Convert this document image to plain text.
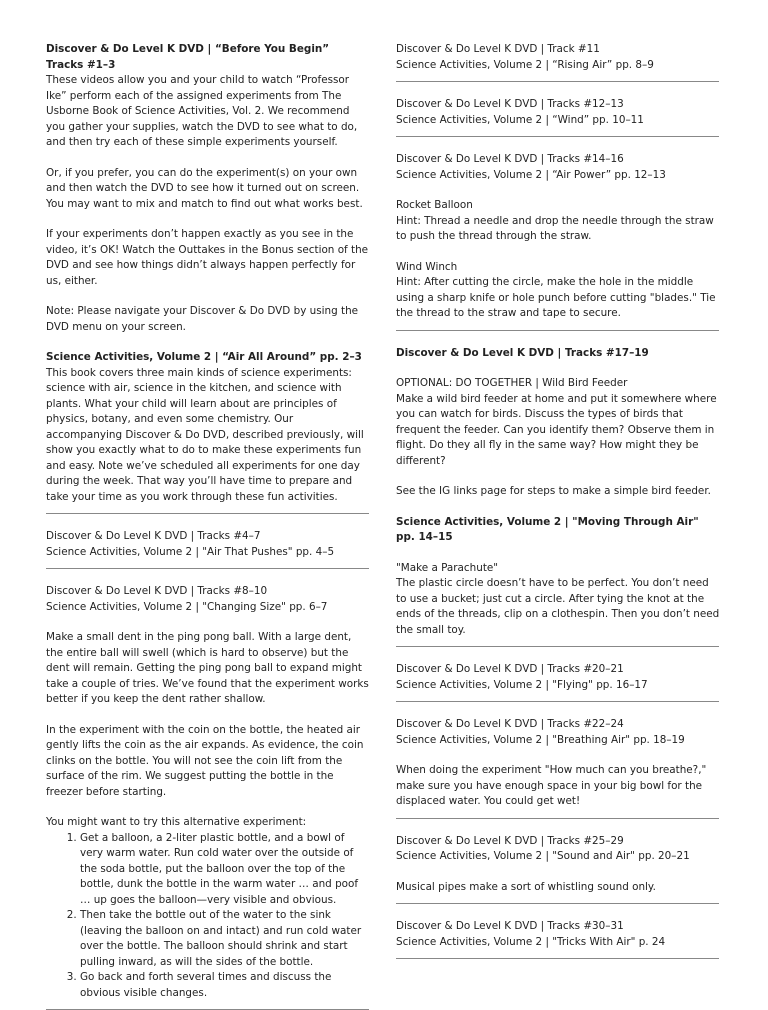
Discover & Do Level K DVD | “Before You Begin” Tracks #1–3

These videos allow you and your child to watch “Professor Ike” perform each of the assigned experiments from The Usborne Book of Science Activities, Vol. 2. We recommend you gather your supplies, watch the DVD to see what to do, and then try each of these simple experiments yourself.

Or, if you prefer, you can do the experiment(s) on your own and then watch the DVD to see how it turned out on screen. You may want to mix and match to find out what works best.

If your experiments don’t happen exactly as you see in the video, it’s OK! Watch the Outtakes in the Bonus section of the DVD and see how things didn’t always happen perfectly for us, either.

Note: Please navigate your Discover & Do DVD by using the DVD menu on your screen.

Science Activities, Volume 2 | “Air All Around” pp. 2–3

This book covers three main kinds of science experiments: science with air, science in the kitchen, and science with plants. What your child will learn about are principles of physics, botany, and even some chemistry. Our accompanying Discover & Do DVD, described previously, will show you exactly what to do to make these experiments fun and easy. Note we’ve scheduled all experiments for one day during the week. That way you’ll have time to prepare and take your time as you work through these fun activities.

Discover & Do Level K DVD | Tracks #4–7

Science Activities, Volume 2 | "Air That Pushes" pp. 4–5

Discover & Do Level K DVD | Tracks #8–10

Science Activities, Volume 2 | "Changing Size" pp. 6–7

Make a small dent in the ping pong ball. With a large dent, the entire ball will swell (which is hard to observe) but the dent will remain. Getting the ping pong ball to expand might take a couple of tries. We’ve found that the experiment works better if you keep the dent rather shallow.

In the experiment with the coin on the bottle, the heated air gently lifts the coin as the air expands. As evidence, the coin clinks on the bottle. You will not see the coin lift from the surface of the rim. We suggest putting the bottle in the freezer before starting.

You might want to try this alternative experiment:

1. Get a balloon, a 2-liter plastic bottle, and a bowl of very warm water. Run cold water over the outside of the soda bottle, put the balloon over the top of the bottle, dunk the bottle in the warm water … and poof … up goes the balloon—very visible and obvious.
2. Then take the bottle out of the water to the sink (leaving the balloon on and intact) and run cold water over the bottle. The balloon should shrink and start pulling inward, as will the sides of the bottle.
3. Go back and forth several times and discuss the obvious visible changes.

Discover & Do Level K DVD | Track #11

Science Activities, Volume 2 | “Rising Air” pp. 8–9

Discover & Do Level K DVD | Tracks #12–13

Science Activities, Volume 2 | “Wind” pp. 10–11

Discover & Do Level K DVD | Tracks #14–16

Science Activities, Volume 2 | “Air Power” pp. 12–13

Rocket Balloon

Hint: Thread a needle and drop the needle through the straw to push the thread through the straw.

Wind Winch

Hint: After cutting the circle, make the hole in the middle using a sharp knife or hole punch before cutting "blades." Tie the thread to the straw and tape to secure.

Discover & Do Level K DVD | Tracks #17–19

OPTIONAL: DO TOGETHER | Wild Bird Feeder

Make a wild bird feeder at home and put it somewhere where you can watch for birds. Discuss the types of birds that frequent the feeder. Can you identify them? Observe them in flight. Do they all fly in the same way? How might they be different?

See the IG links page for steps to make a simple bird feeder.

Science Activities, Volume 2 | "Moving Through Air" pp. 14–15

"Make a Parachute"

The plastic circle doesn’t have to be perfect. You don’t need to use a bucket; just cut a circle. After tying the knot at the ends of the threads, clip on a clothespin. Then you don’t need the small toy.

Discover & Do Level K DVD | Tracks #20–21

Science Activities, Volume 2 | "Flying" pp. 16–17

Discover & Do Level K DVD | Tracks #22–24

Science Activities, Volume 2 | "Breathing Air" pp. 18–19

When doing the experiment "How much can you breathe?," make sure you have enough space in your big bowl for the displaced water. You could get wet!

Discover & Do Level K DVD | Tracks #25–29

Science Activities, Volume 2 | "Sound and Air" pp. 20–21

Musical pipes make a sort of whistling sound only.

Discover & Do Level K DVD | Tracks #30–31

Science Activities, Volume 2 | "Tricks With Air" p. 24
